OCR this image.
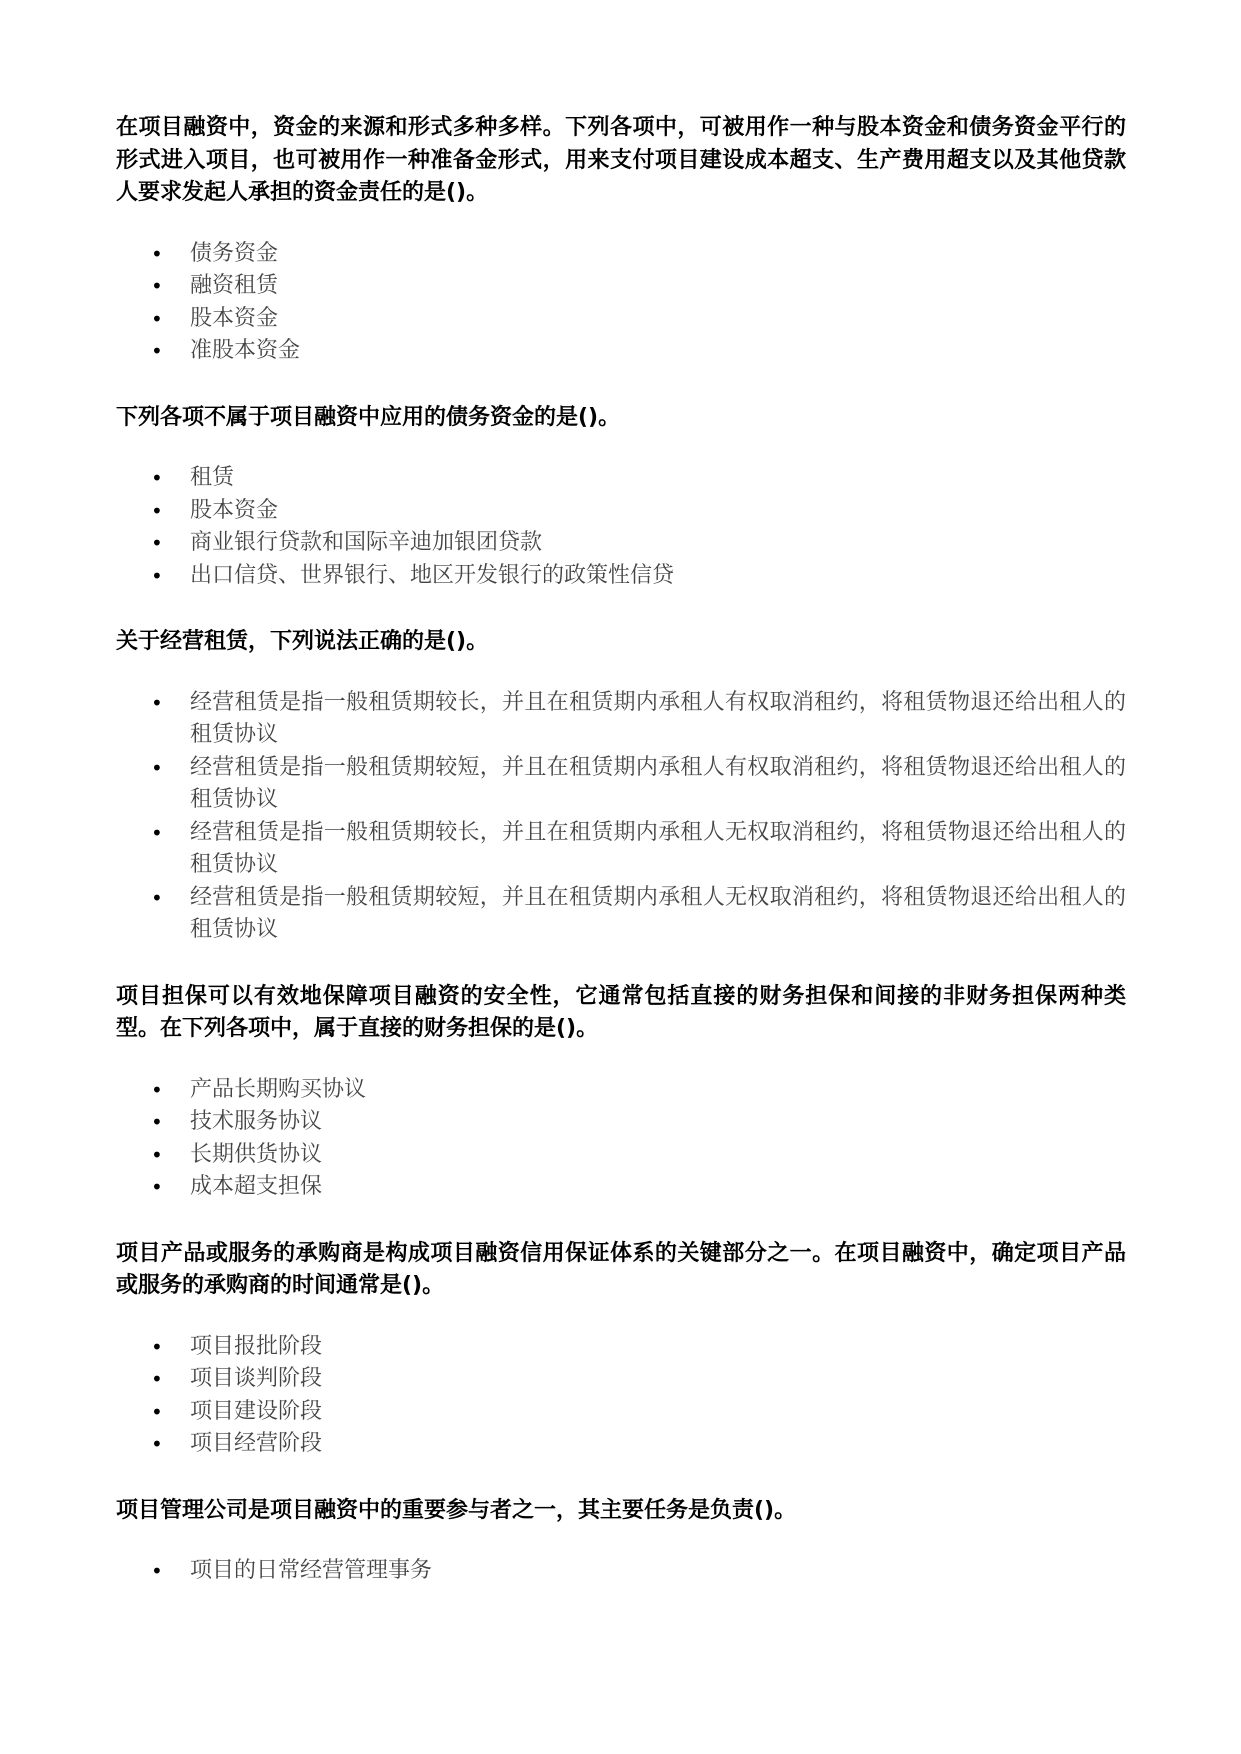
在项目融资中，资金的来源和形式多种多样。下列各项中，可被用作一种与股本资金和债务资金平行的形式进入项目，也可被用作一种准备金形式，用来支付项目建设成本超支、生产费用超支以及其他贷款人要求发起人承担的资金责任的是()。

• 债务资金
• 融资租赁
• 股本资金
• 准股本资金

下列各项不属于项目融资中应用的债务资金的是()。

• 租赁
• 股本资金
• 商业银行贷款和国际辛迪加银团贷款
• 出口信贷、世界银行、地区开发银行的政策性信贷

关于经营租赁，下列说法正确的是()。

• 经营租赁是指一般租赁期较长，并且在租赁期内承租人有权取消租约，将租赁物退还给出租人的租赁协议
• 经营租赁是指一般租赁期较短，并且在租赁期内承租人有权取消租约，将租赁物退还给出租人的租赁协议
• 经营租赁是指一般租赁期较长，并且在租赁期内承租人无权取消租约，将租赁物退还给出租人的租赁协议
• 经营租赁是指一般租赁期较短，并且在租赁期内承租人无权取消租约，将租赁物退还给出租人的租赁协议

项目担保可以有效地保障项目融资的安全性，它通常包括直接的财务担保和间接的非财务担保两种类型。在下列各项中，属于直接的财务担保的是()。

• 产品长期购买协议
• 技术服务协议
• 长期供货协议
• 成本超支担保

项目产品或服务的承购商是构成项目融资信用保证体系的关键部分之一。在项目融资中，确定项目产品或服务的承购商的时间通常是()。

• 项目报批阶段
• 项目谈判阶段
• 项目建设阶段
• 项目经营阶段

项目管理公司是项目融资中的重要参与者之一，其主要任务是负责()。

• 项目的日常经营管理事务
